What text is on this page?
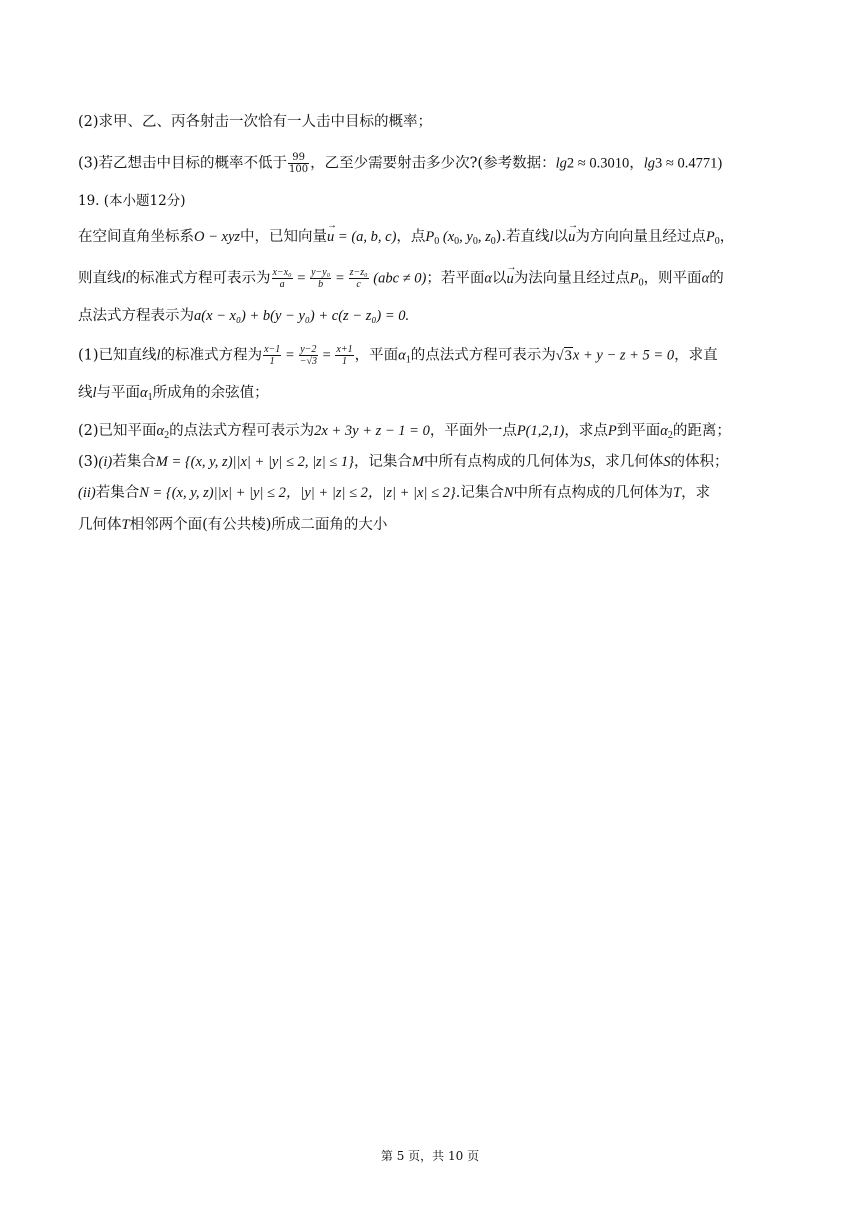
(2)求甲、乙、丙各射击一次恰有一人击中目标的概率；
(3)若乙想击中目标的概率不低于 $\frac{99}{100}$ ，乙至少需要射击多少次?(参考数据：lg2 ≈ 0.3010，lg3 ≈ 0.4771)
19. (本小题12分)
在空间直角坐标系O − xyz中，已知向量→ u = (a, b, c)，点$P_0$ ($x_0$, $y_0$, $z_0$).若直线l以→ u为方向向量且经过点$P_0$，
则直线l的标准式方程可表示为 $\frac{\text{x−x₀}}{a} = \frac{\text{y−y₀}}{b} = \frac{\text{z−z₀}}{c} (abc \ne 0)$；若平面α以→ u为法向量且经过点$P_0$，则平面α的
点法式方程表示为a(x − x₀) + b(y − y₀) + c(z − z₀) = 0.
(1)已知直线l的标准式方程为 $\frac{x-1}{1} = \frac{y-2}{-√3} = \frac{x+1}{1}$ ，平面$\alpha_1$的点法式方程可表示为√3x + y − z + 5 = 0，求直
线l与平面$\alpha_1$所成角的余弦值；
(2)已知平面$\alpha_2$的点法式方程可表示为2x + 3y + z − 1 = 0，平面外一点P(1,2,1)，求点P到平面$\alpha_2$的距离；
(3)(i)若集合M = {(x, y, z)||x| + |y| ≤ 2, |z| ≤ 1}，记集合M中所有点构成的几何体为S，求几何体S的体积；
(ii)若集合N = {(x, y, z)||x| + |y| ≤ 2，|y| + |z| ≤ 2，|z| + |x| ≤ 2}.记集合N中所有点构成的几何体为T，求
几何体T相邻两个面(有公共棱)所成二面角的大小
第 5 页，共 10 页
